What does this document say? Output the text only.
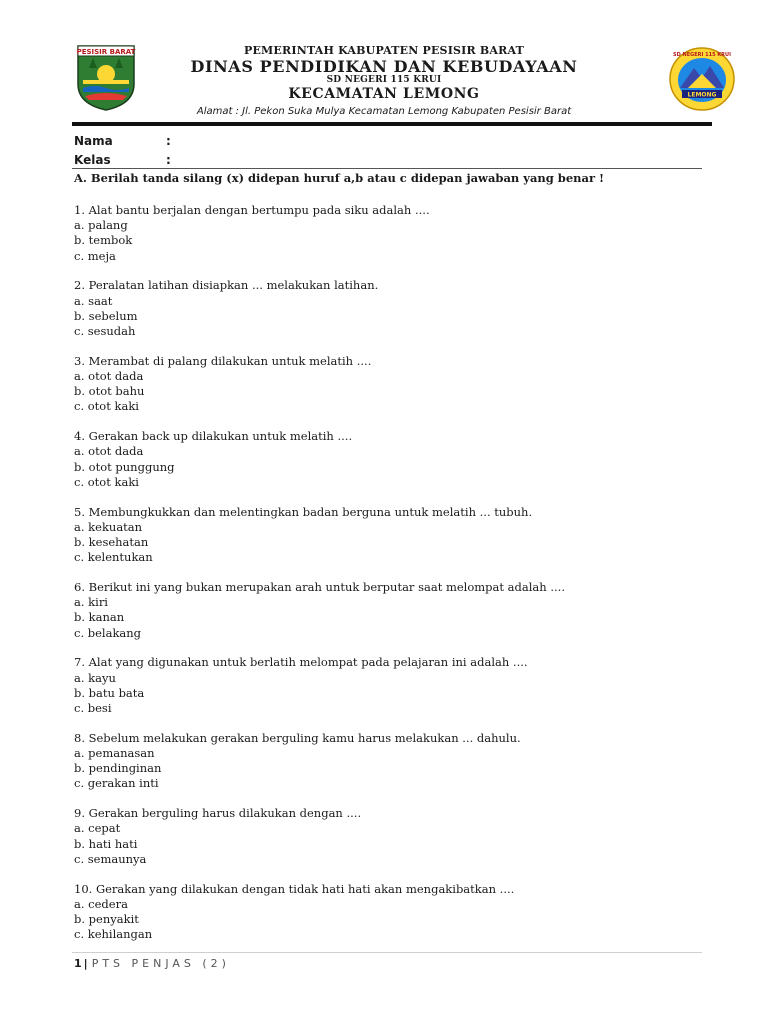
PESISIR BARAT
LEMONG
SD NEGERI 115 KRUI
PEMERINTAH KABUPATEN PESISIR BARAT
DINAS PENDIDIKAN DAN KEBUDAYAAN
SD NEGERI 115 KRUI
KECAMATAN LEMONG
Alamat : Jl. Pekon Suka Mulya Kecamatan Lemong Kabupaten Pesisir Barat
Nama	:
Kelas	:
A. Berilah tanda silang (x) didepan huruf a,b atau c didepan jawaban yang benar !
1. Alat bantu berjalan dengan bertumpu pada siku adalah ....
a. palang
b. tembok
c. meja
2. Peralatan latihan disiapkan ... melakukan latihan.
a. saat
b. sebelum
c. sesudah
3. Merambat di palang dilakukan untuk melatih ....
a. otot dada
b. otot bahu
c. otot kaki
4. Gerakan back up dilakukan untuk melatih ....
a. otot dada
b. otot punggung
c. otot kaki
5. Membungkukkan dan melentingkan badan berguna untuk melatih ... tubuh.
a. kekuatan
b. kesehatan
c. kelentukan
6. Berikut ini yang bukan merupakan arah untuk berputar saat melompat adalah ....
a. kiri
b. kanan
c. belakang
7. Alat yang digunakan untuk berlatih melompat pada pelajaran ini adalah ....
a. kayu
b. batu bata
c. besi
8. Sebelum melakukan gerakan berguling kamu harus melakukan ... dahulu.
a. pemanasan
b. pendinginan
c. gerakan inti
9. Gerakan berguling harus dilakukan dengan ....
a. cepat
b. hati hati
c. semaunya
10. Gerakan yang dilakukan dengan tidak hati hati akan mengakibatkan ....
a. cedera
b. penyakit
c. kehilangan
1 | PTS PENJAS (2)
